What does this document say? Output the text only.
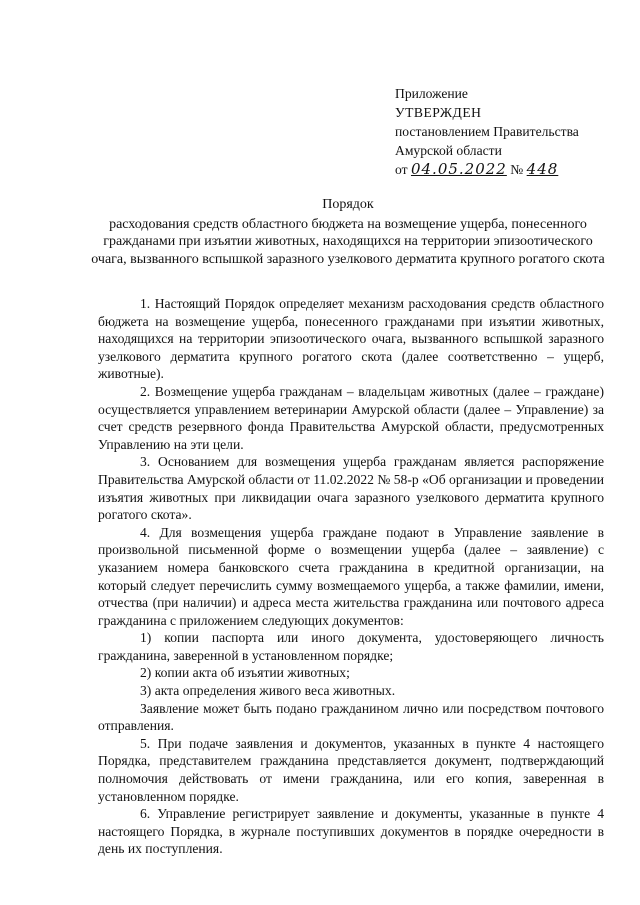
Приложение
УТВЕРЖДЕН
постановлением Правительства
Амурской области
от 04.05.2022 № 448
Порядок
расходования средств областного бюджета на возмещение ущерба, понесенного гражданами при изъятии животных, находящихся на территории эпизоотического очага, вызванного вспышкой заразного узелкового дерматита крупного рогатого скота

1. Настоящий Порядок определяет механизм расходования средств областного бюджета на возмещение ущерба, понесенного гражданами при изъятии животных, находящихся на территории эпизоотического очага, вызванного вспышкой заразного узелкового дерматита крупного рогатого скота (далее соответственно – ущерб, животные).

2. Возмещение ущерба гражданам – владельцам животных (далее – граждане) осуществляется управлением ветеринарии Амурской области (далее – Управление) за счет средств резервного фонда Правительства Амурской области, предусмотренных Управлению на эти цели.

3. Основанием для возмещения ущерба гражданам является распоряжение Правительства Амурской области от 11.02.2022 № 58-р «Об организации и проведении изъятия животных при ликвидации очага заразного узелкового дерматита крупного рогатого скота».

4. Для возмещения ущерба граждане подают в Управление заявление в произвольной письменной форме о возмещении ущерба (далее – заявление) с указанием номера банковского счета гражданина в кредитной организации, на который следует перечислить сумму возмещаемого ущерба, а также фамилии, имени, отчества (при наличии) и адреса места жительства гражданина или почтового адреса гражданина с приложением следующих документов:

1) копии паспорта или иного документа, удостоверяющего личность гражданина, заверенной в установленном порядке;

2) копии акта об изъятии животных;

3) акта определения живого веса животных.

Заявление может быть подано гражданином лично или посредством почтового отправления.

5. При подаче заявления и документов, указанных в пункте 4 настоящего Порядка, представителем гражданина представляется документ, подтверждающий полномочия действовать от имени гражданина, или его копия, заверенная в установленном порядке.

6. Управление регистрирует заявление и документы, указанные в пункте 4 настоящего Порядка, в журнале поступивших документов в порядке очередности в день их поступления.
